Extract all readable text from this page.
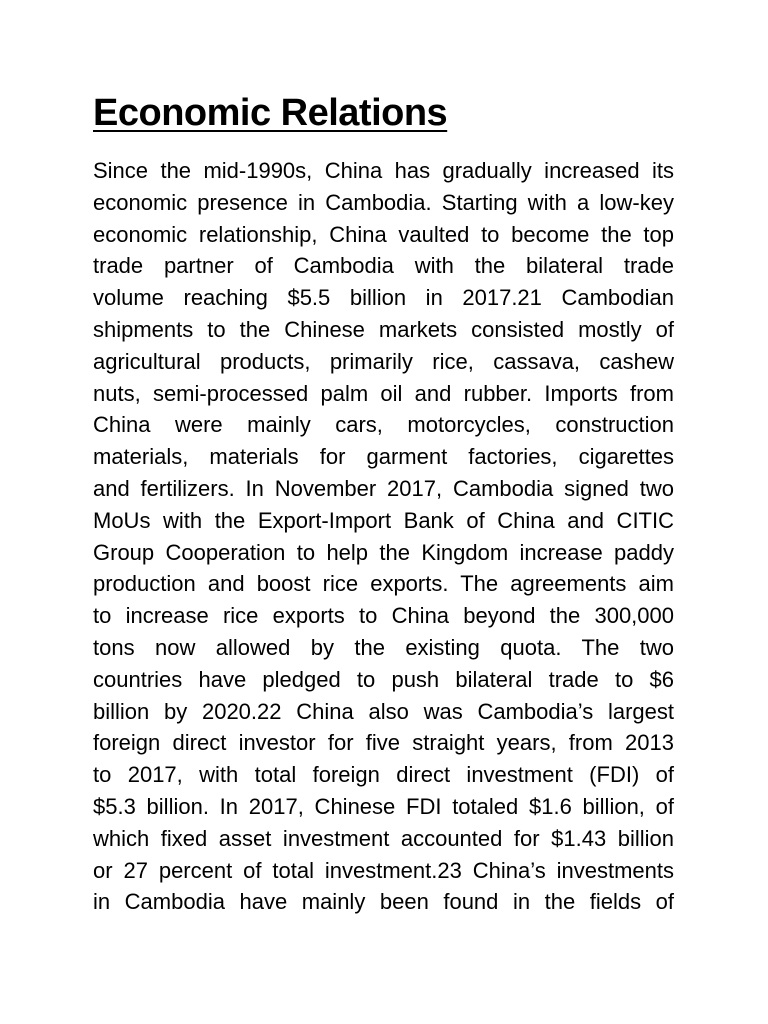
Economic Relations
Since the mid-1990s, China has gradually increased its
economic presence in Cambodia. Starting with a low-key
economic relationship, China vaulted to become the top
trade partner of Cambodia with the bilateral trade
volume reaching $5.5 billion in 2017.21 Cambodian
shipments to the Chinese markets consisted mostly of
agricultural products, primarily rice, cassava, cashew
nuts, semi-processed palm oil and rubber. Imports from
China were mainly cars, motorcycles, construction
materials, materials for garment factories, cigarettes
and fertilizers. In November 2017, Cambodia signed two
MoUs with the Export-Import Bank of China and CITIC
Group Cooperation to help the Kingdom increase paddy
production and boost rice exports. The agreements aim
to increase rice exports to China beyond the 300,000
tons now allowed by the existing quota. The two
countries have pledged to push bilateral trade to $6
billion by 2020.22 China also was Cambodia’s largest
foreign direct investor for five straight years, from 2013
to 2017, with total foreign direct investment (FDI) of
$5.3 billion. In 2017, Chinese FDI totaled $1.6 billion, of
which fixed asset investment accounted for $1.43 billion
or 27 percent of total investment.23 China’s investments
in Cambodia have mainly been found in the fields of
